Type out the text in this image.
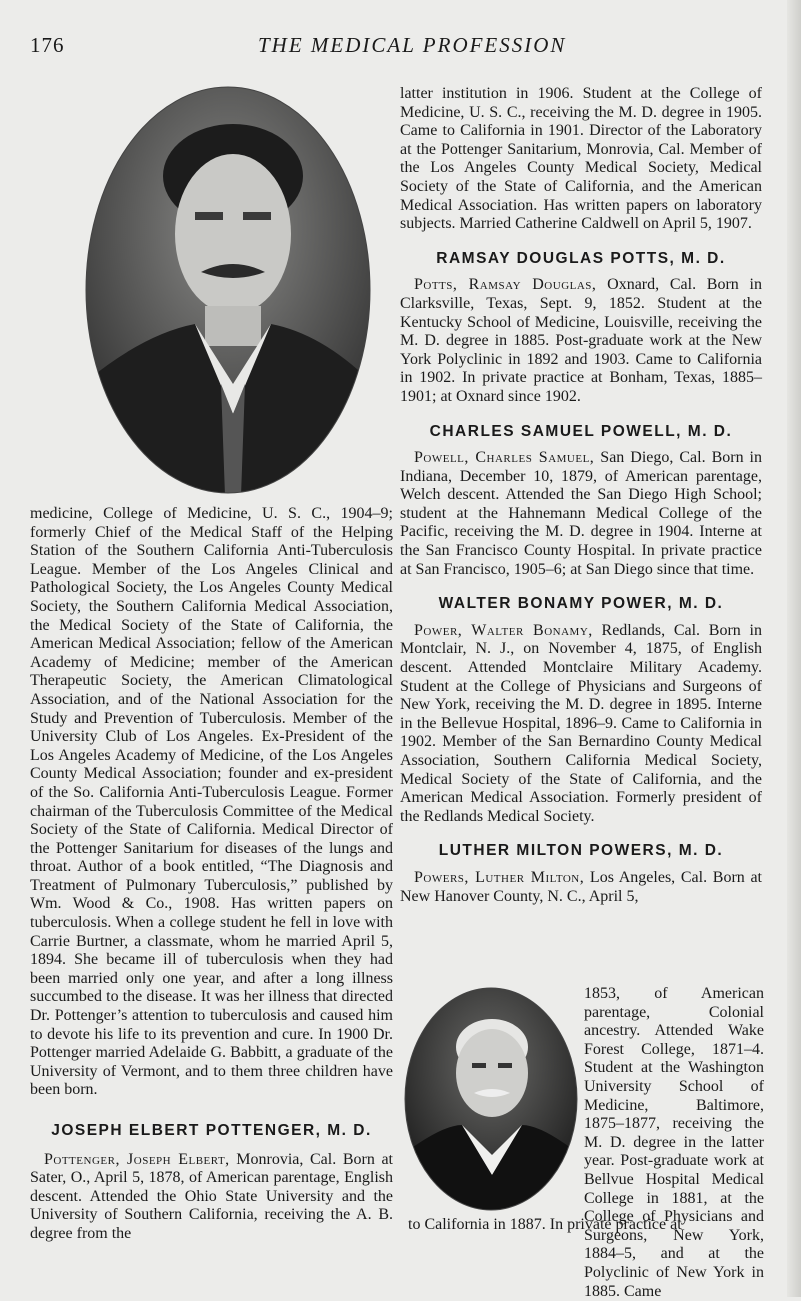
176	THE MEDICAL PROFESSION

medicine, College of Medicine, U. S. C., 1904–9; formerly Chief of the Medical Staff of the Helping Station of the Southern California Anti-Tuberculosis League. Member of the Los Angeles Clinical and Pathological Society, the Los Angeles County Medical Society, the Southern California Medical Association, the Medical Society of the State of California, the American Medical Association; fellow of the American Academy of Medicine; member of the American Therapeutic Society, the American Climatological Association, and of the National Association for the Study and Prevention of Tuberculosis. Member of the University Club of Los Angeles. Ex-President of the Los Angeles Academy of Medicine, of the Los Angeles County Medical Association; founder and ex-president of the So. California Anti-Tuberculosis League. Former chairman of the Tuberculosis Committee of the Medical Society of the State of California. Medical Director of the Pottenger Sanitarium for diseases of the lungs and throat. Author of a book entitled, “The Diagnosis and Treatment of Pulmonary Tuberculosis,” published by Wm. Wood & Co., 1908. Has written papers on tuberculosis. When a college student he fell in love with Carrie Burtner, a classmate, whom he married April 5, 1894. She became ill of tuberculosis when they had been married only one year, and after a long illness succumbed to the disease. It was her illness that directed Dr. Pottenger’s attention to tuberculosis and caused him to devote his life to its prevention and cure. In 1900 Dr. Pottenger married Adelaide G. Babbitt, a graduate of the University of Vermont, and to them three children have been born.

JOSEPH ELBERT POTTENGER, M. D.

Pottenger, Joseph Elbert, Monrovia, Cal. Born at Sater, O., April 5, 1878, of American parentage, English descent. Attended the Ohio State University and the University of Southern California, receiving the A. B. degree from the

latter institution in 1906. Student at the College of Medicine, U. S. C., receiving the M. D. degree in 1905. Came to California in 1901. Director of the Laboratory at the Pottenger Sanitarium, Monrovia, Cal. Member of the Los Angeles County Medical Society, Medical Society of the State of California, and the American Medical Association. Has written papers on laboratory subjects. Married Catherine Caldwell on April 5, 1907.

RAMSAY DOUGLAS POTTS, M. D.

Potts, Ramsay Douglas, Oxnard, Cal. Born in Clarksville, Texas, Sept. 9, 1852. Student at the Kentucky School of Medicine, Louisville, receiving the M. D. degree in 1885. Post-graduate work at the New York Polyclinic in 1892 and 1903. Came to California in 1902. In private practice at Bonham, Texas, 1885–1901; at Oxnard since 1902.

CHARLES SAMUEL POWELL, M. D.

Powell, Charles Samuel, San Diego, Cal. Born in Indiana, December 10, 1879, of American parentage, Welch descent. Attended the San Diego High School; student at the Hahnemann Medical College of the Pacific, receiving the M. D. degree in 1904. Interne at the San Francisco County Hospital. In private practice at San Francisco, 1905–6; at San Diego since that time.

WALTER BONAMY POWER, M. D.

Power, Walter Bonamy, Redlands, Cal. Born in Montclair, N. J., on November 4, 1875, of English descent. Attended Montclaire Military Academy. Student at the College of Physicians and Surgeons of New York, receiving the M. D. degree in 1895. Interne in the Bellevue Hospital, 1896–9. Came to California in 1902. Member of the San Bernardino County Medical Association, Southern California Medical Society, Medical Society of the State of California, and the American Medical Association. Formerly president of the Redlands Medical Society.

LUTHER MILTON POWERS, M. D.

Powers, Luther Milton, Los Angeles, Cal. Born at New Hanover County, N. C., April 5,

1853, of American parentage, Colonial ancestry. Attended Wake Forest College, 1871–4. Student at the Washington University School of Medicine, Baltimore, 1875–1877, receiving the M. D. degree in the latter year. Post-graduate work at Bellvue Hospital Medical College in 1881, at the College of Physicians and Surgeons, New York, 1884–5, and at the Polyclinic of New York in 1885. Came
to California in 1887. In private practice at
